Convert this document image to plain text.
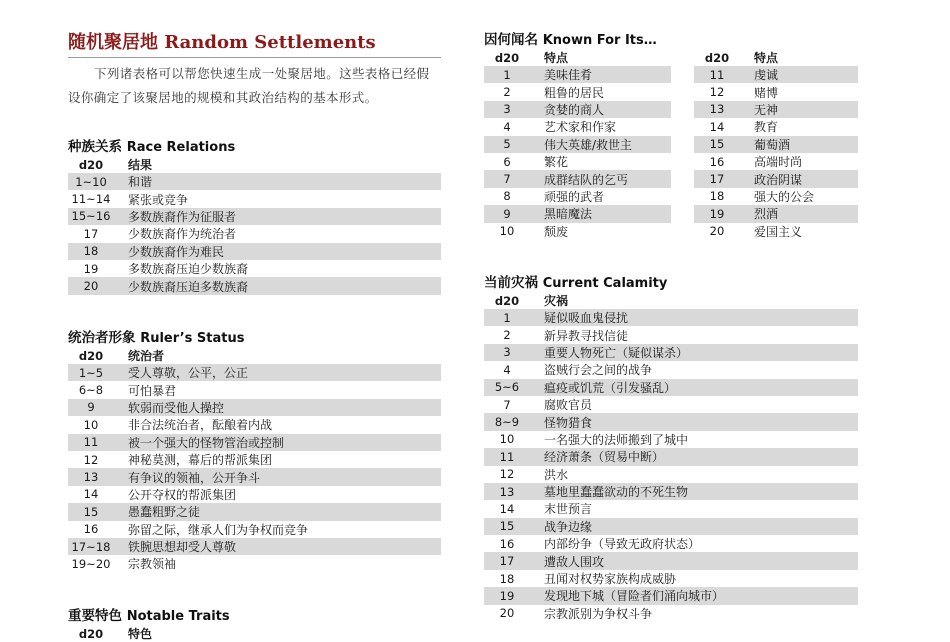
随机聚居地 Random Settlements
下列诸表格可以帮您快速生成一处聚居地。这些表格已经假设你确定了该聚居地的规模和其政治结构的基本形式。
种族关系 Race Relations
d20	结果
1~10	和谐
11~14	紧张或竞争
15~16	多数族裔作为征服者
17	少数族裔作为统治者
18	少数族裔作为难民
19	多数族裔压迫少数族裔
20	少数族裔压迫多数族裔
统治者形象 Ruler’s Status
d20	统治者
1~5	受人尊敬，公平，公正
6~8	可怕暴君
9	软弱而受他人操控
10	非合法统治者，酝酿着内战
11	被一个强大的怪物管治或控制
12	神秘莫测，幕后的帮派集团
13	有争议的领袖，公开争斗
14	公开夺权的帮派集团
15	愚蠢粗野之徒
16	弥留之际，继承人们为争权而竞争
17~18	铁腕思想却受人尊敬
19~20	宗教领袖
重要特色 Notable Traits
d20	特色
因何闻名 Known For Its…
d20	特点
1	美味佳肴
2	粗鲁的居民
3	贪婪的商人
4	艺术家和作家
5	伟大英雄/救世主
6	繁花
7	成群结队的乞丐
8	顽强的武者
9	黑暗魔法
10	颓废
d20	特点
11	虔诚
12	赌博
13	无神
14	教育
15	葡萄酒
16	高端时尚
17	政治阴谋
18	强大的公会
19	烈酒
20	爱国主义
当前灾祸 Current Calamity
d20	灾祸
1	疑似吸血鬼侵扰
2	新异教寻找信徒
3	重要人物死亡（疑似谋杀）
4	盗贼行会之间的战争
5~6	瘟疫或饥荒（引发骚乱）
7	腐败官员
8~9	怪物猎食
10	一名强大的法师搬到了城中
11	经济萧条（贸易中断）
12	洪水
13	墓地里蠢蠢欲动的不死生物
14	末世预言
15	战争边缘
16	内部纷争（导致无政府状态）
17	遭敌人围攻
18	丑闻对权势家族构成威胁
19	发现地下城（冒险者们涌向城市）
20	宗教派别为争权斗争
